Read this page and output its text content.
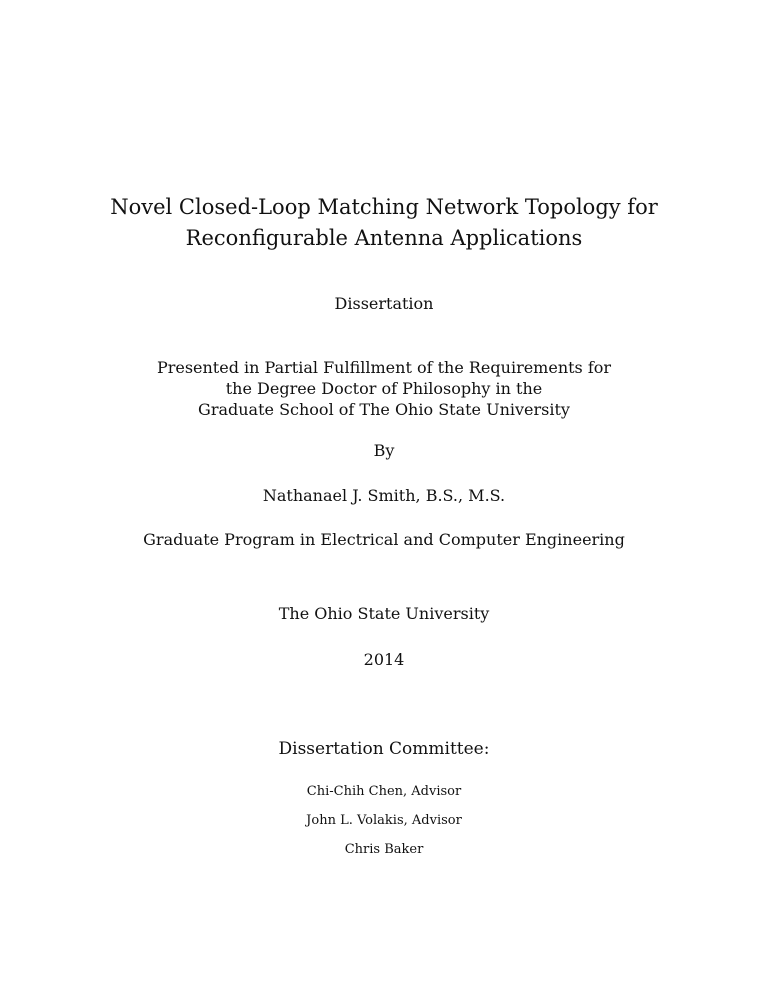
Novel Closed-Loop Matching Network Topology for
Reconfigurable Antenna Applications
Dissertation
Presented in Partial Fulfillment of the Requirements for
the Degree Doctor of Philosophy in the
Graduate School of The Ohio State University
By
Nathanael J. Smith, B.S., M.S.
Graduate Program in Electrical and Computer Engineering
The Ohio State University
2014
Dissertation Committee:
Chi-Chih Chen, Advisor
John L. Volakis, Advisor
Chris Baker
